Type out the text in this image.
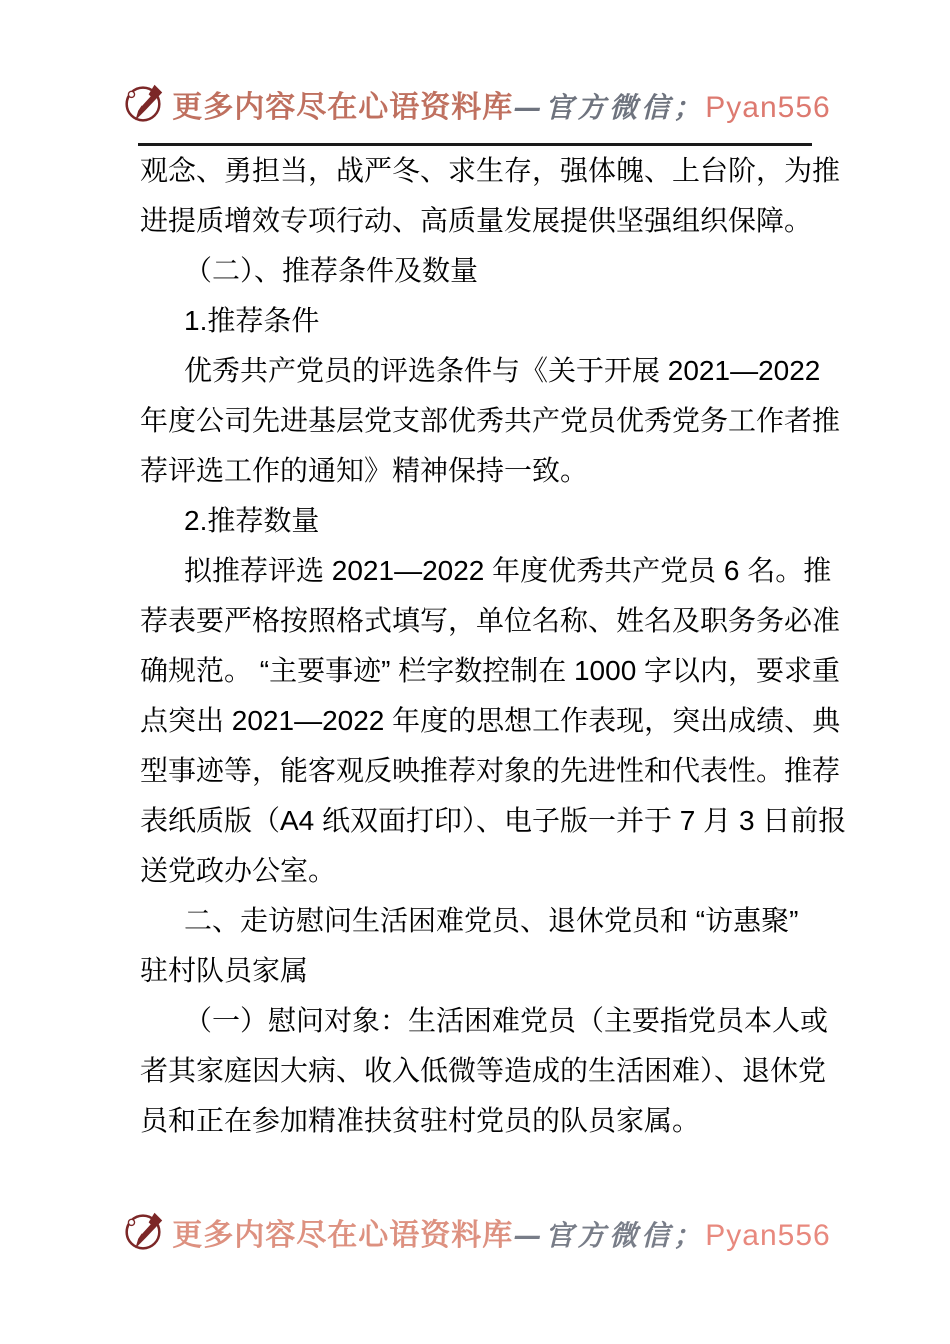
更多内容尽在心语资料库 —官方微信； Pyan556
观念、勇担当，战严冬、求生存，强体魄、上台阶，为推
进提质增效专项行动、高质量发展提供坚强组织保障。
（二）、推荐条件及数量
1.推荐条件
优秀共产党员的评选条件与《关于开展 2021—2022
年度公司先进基层党支部优秀共产党员优秀党务工作者推
荐评选工作的通知》精神保持一致。
2.推荐数量
拟推荐评选 2021—2022 年度优秀共产党员 6 名。推
荐表要严格按照格式填写，单位名称、姓名及职务务必准
确规范。 “主要事迹” 栏字数控制在 1000 字以内，要求重
点突出 2021—2022 年度的思想工作表现，突出成绩、典
型事迹等，能客观反映推荐对象的先进性和代表性。推荐
表纸质版（A4 纸双面打印）、电子版一并于 7 月 3 日前报
送党政办公室。
二、走访慰问生活困难党员、退休党员和 “访惠聚”
驻村队员家属
（一）慰问对象：生活困难党员（主要指党员本人或
者其家庭因大病、收入低微等造成的生活困难）、退休党
员和正在参加精准扶贫驻村党员的队员家属。
更多内容尽在心语资料库 —官方微信； Pyan556
